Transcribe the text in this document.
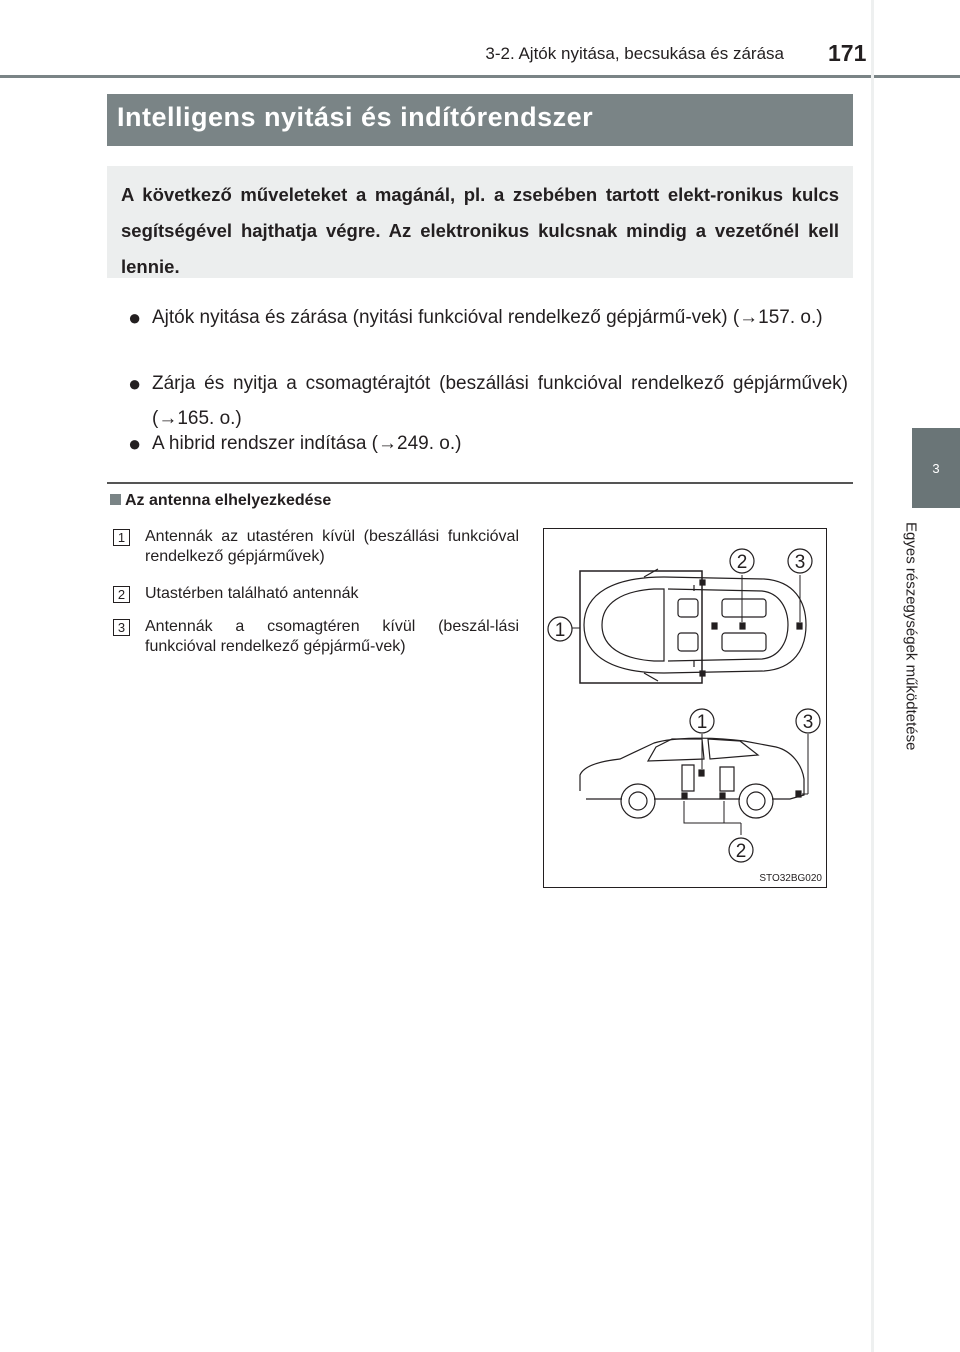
3-2. Ajtók nyitása, becsukása és zárása 171
3
Egyes részegységek működtetése
Intelligens nyitási és indítórendszer
A következő műveleteket a magánál, pl. a zsebében tartott elekt-ronikus kulcs segítségével hajthatja végre. Az elektronikus kulcsnak mindig a vezetőnél kell lennie.
● Ajtók nyitása és zárása (nyitási funkcióval rendelkező gépjármű-vek) (→157. o.)
● Zárja és nyitja a csomagtérajtót (beszállási funkcióval rendelkező gépjárművek) (→165. o.)
● A hibrid rendszer indítása (→249. o.)
Az antenna elhelyezkedése
1	Antennák az utastéren kívül (beszállási funkcióval rendelkező gépjárművek)
2	Utastérben található antennák
3	Antennák a csomagtéren kívül (beszál-lási funkcióval rendelkező gépjármű-vek)
1
2 3
1	3
2
STO32BG020
